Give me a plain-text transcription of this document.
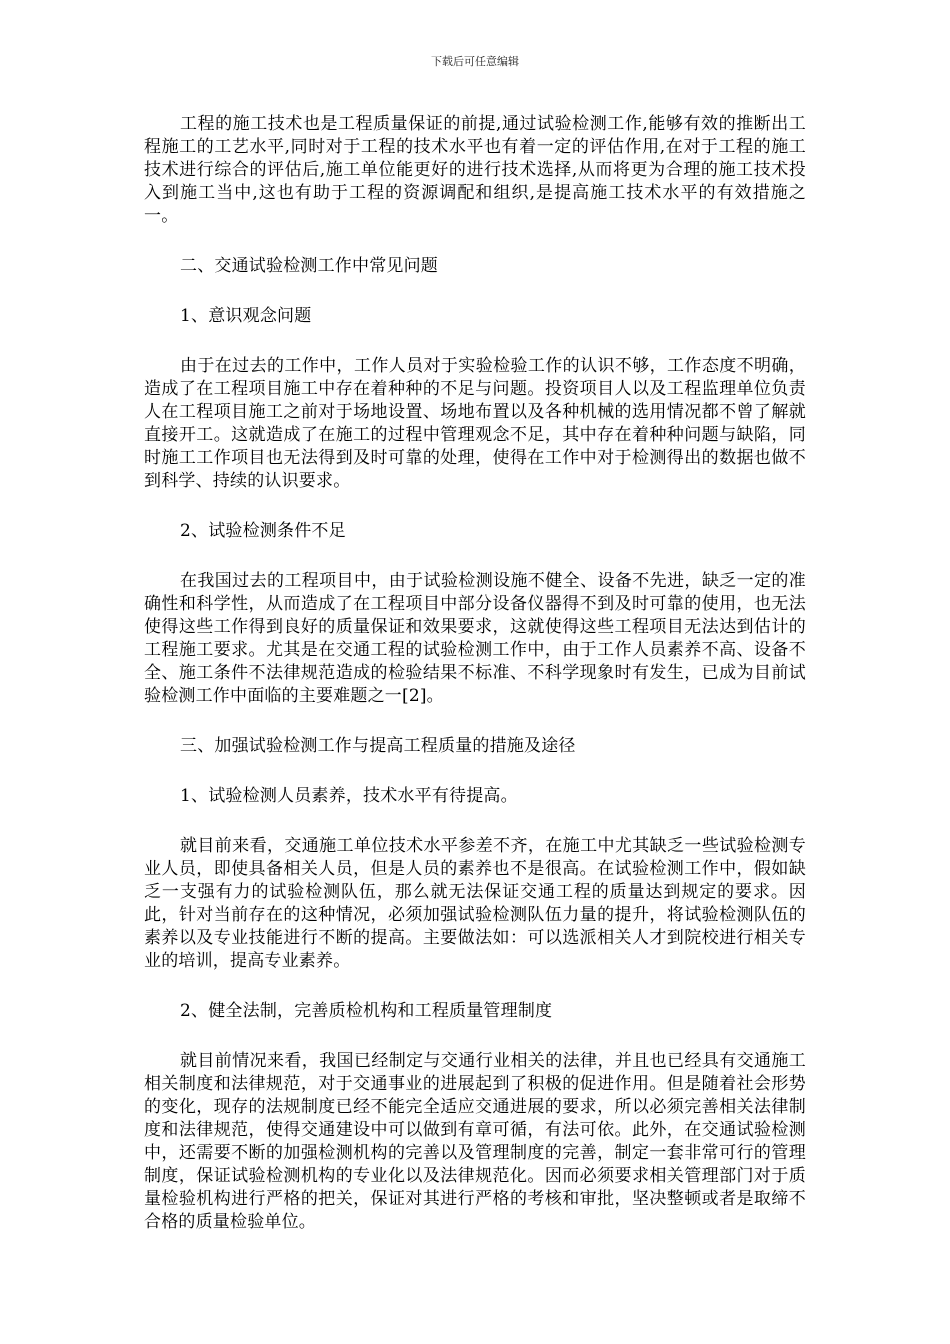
下载后可任意编辑

工程的施工技术也是工程质量保证的前提,通过试验检测工作,能够有效的推断出工程施工的工艺水平,同时对于工程的技术水平也有着一定的评估作用,在对于工程的施工技术进行综合的评估后,施工单位能更好的进行技术选择,从而将更为合理的施工技术投入到施工当中,这也有助于工程的资源调配和组织,是提高施工技术水平的有效措施之一。

二、交通试验检测工作中常见问题

1、意识观念问题

由于在过去的工作中，工作人员对于实验检验工作的认识不够，工作态度不明确，造成了在工程项目施工中存在着种种的不足与问题。投资项目人以及工程监理单位负责人在工程项目施工之前对于场地设置、场地布置以及各种机械的选用情况都不曾了解就直接开工。这就造成了在施工的过程中管理观念不足，其中存在着种种问题与缺陷，同时施工工作项目也无法得到及时可靠的处理，使得在工作中对于检测得出的数据也做不到科学、持续的认识要求。

2、试验检测条件不足

在我国过去的工程项目中，由于试验检测设施不健全、设备不先进，缺乏一定的准确性和科学性，从而造成了在工程项目中部分设备仪器得不到及时可靠的使用，也无法使得这些工作得到良好的质量保证和效果要求，这就使得这些工程项目无法达到估计的工程施工要求。尤其是在交通工程的试验检测工作中，由于工作人员素养不高、设备不全、施工条件不法律规范造成的检验结果不标准、不科学现象时有发生，已成为目前试验检测工作中面临的主要难题之一[2]。

三、加强试验检测工作与提高工程质量的措施及途径

1、试验检测人员素养，技术水平有待提高。

就目前来看，交通施工单位技术水平参差不齐，在施工中尤其缺乏一些试验检测专业人员，即使具备相关人员，但是人员的素养也不是很高。在试验检测工作中，假如缺乏一支强有力的试验检测队伍，那么就无法保证交通工程的质量达到规定的要求。因此，针对当前存在的这种情况，必须加强试验检测队伍力量的提升，将试验检测队伍的素养以及专业技能进行不断的提高。主要做法如：可以选派相关人才到院校进行相关专业的培训，提高专业素养。

2、健全法制，完善质检机构和工程质量管理制度

就目前情况来看，我国已经制定与交通行业相关的法律，并且也已经具有交通施工相关制度和法律规范，对于交通事业的进展起到了积极的促进作用。但是随着社会形势的变化，现存的法规制度已经不能完全适应交通进展的要求，所以必须完善相关法律制度和法律规范，使得交通建设中可以做到有章可循，有法可依。此外，在交通试验检测中，还需要不断的加强检测机构的完善以及管理制度的完善，制定一套非常可行的管理制度，保证试验检测机构的专业化以及法律规范化。因而必须要求相关管理部门对于质量检验机构进行严格的把关，保证对其进行严格的考核和审批，坚决整顿或者是取缔不合格的质量检验单位。
